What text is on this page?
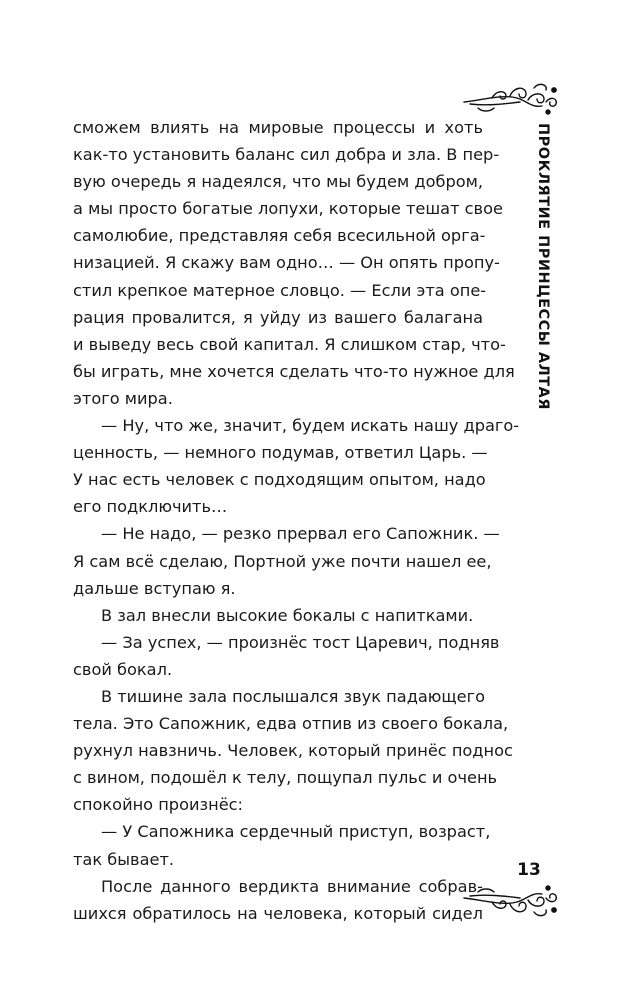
ПРОКЛЯТИЕ ПРИНЦЕССЫ АЛТАЯ
сможем влиять на мировые процессы и хоть
как-то установить баланс сил добра и зла. В пер-
вую очередь я надеялся, что мы будем добром,
а мы просто богатые лопухи, которые тешат свое
самолюбие, представляя себя всесильной орга-
низацией. Я скажу вам одно… — Он опять пропу-
стил крепкое матерное словцо. — Если эта опе-
рация провалится, я уйду из вашего балагана
и выведу весь свой капитал. Я слишком стар, что-
бы играть, мне хочется сделать что-то нужное для
этого мира.
— Ну, что же, значит, будем искать нашу драго-
ценность, — немного подумав, ответил Царь. —
У нас есть человек с подходящим опытом, надо
его подключить…
— Не надо, — резко прервал его Сапожник. —
Я сам всё сделаю, Портной уже почти нашел ее,
дальше вступаю я.
В зал внесли высокие бокалы с напитками.
— За успех, — произнёс тост Царевич, подняв
свой бокал.
В тишине зала послышался звук падающего
тела. Это Сапожник, едва отпив из своего бокала,
рухнул навзничь. Человек, который принёс поднос
с вином, подошёл к телу, пощупал пульс и очень
спокойно произнёс:
— У Сапожника сердечный приступ, возраст,
так бывает.
После данного вердикта внимание собрав-
шихся обратилось на человека, который сидел
13
